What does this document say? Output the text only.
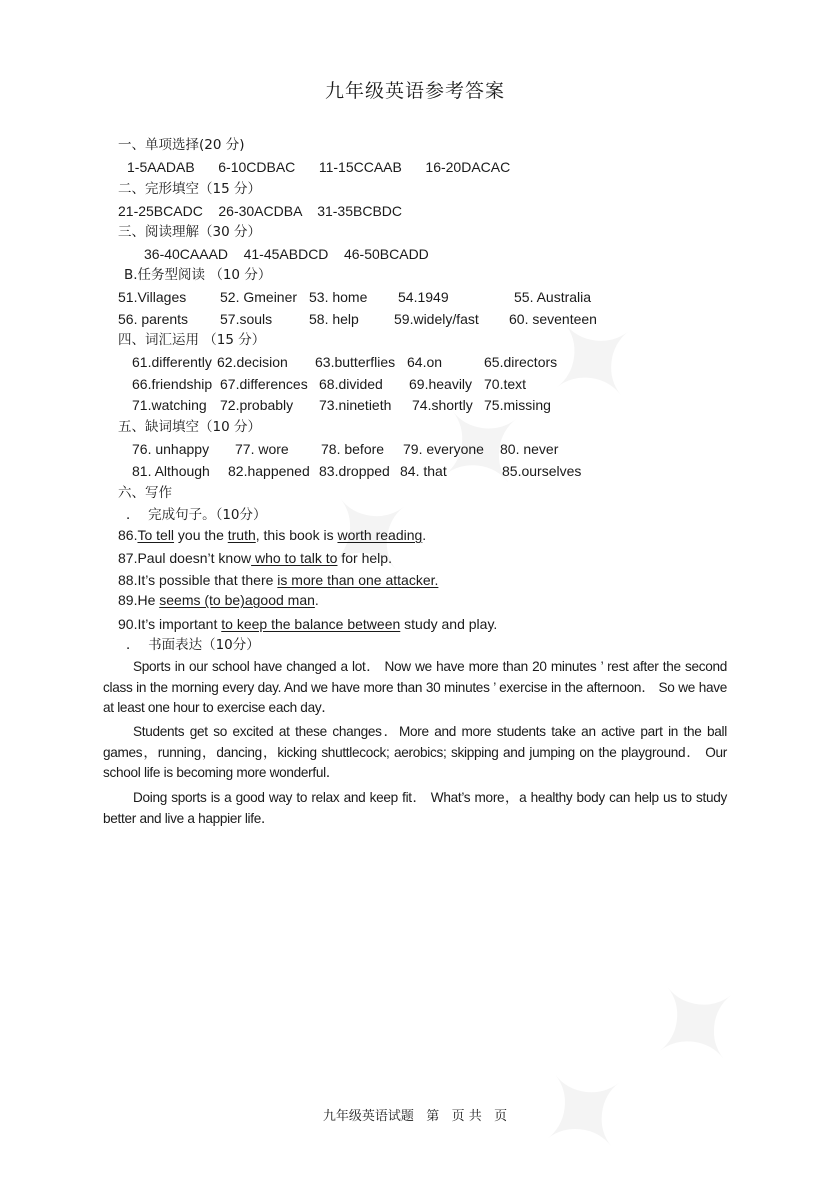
九年级英语参考答案
一、单项选择(20 分)
1-5AADAB    6-10CDBAC    11-15CCAAB    16-20DACAC
二、完形填空（15 分）
21-25BCADC    26-30ACDBA    31-35BCBDC
三、阅读理解（30 分）
36-40CAAAD    41-45ABDCD    46-50BCADD
B.任务型阅读 （10 分）
51.Villages 52. Gmeiner 53. home 54.1949	55. Australia
56. parents 57.souls	58. help	59.widely/fast 60. seventeen
四、词汇运用 （15 分）
61.differently 62.decision 63.butterflies 64.on	65.directors
66.friendship 67.differences 68.divided 69.heavily 70.text
71.watching 72.probably 73.ninetieth 74.shortly 75.missing
五、缺词填空（10 分）
76. unhappy 77. wore 78. before 79. everyone 80. never
81. Although 82.happened 83.dropped 84. that	85.ourselves
六、写作
．  完成句子。（10分）
86.To tell you the truth, this book is worth reading.
87.Paul doesn’t know who to talk to for help.
88.It’s possible that there is more than one attacker.
89.He seems (to be)agood man.
90.It’s important to keep the balance between study and play.
．  书面表达（10分）
Sports in our school have changed a lot． Now we have more than 20 minutes ’ rest after the second class in the morning every day. And we have more than 30 minutes ’ exercise in the afternoon． So we have at least one hour to exercise each day．
Students get so excited at these changes．More and more students take an active part in the ball games，running，dancing，kicking shuttlecock; aerobics; skipping and jumping on the playground． Our school life is becoming more wonderful．
Doing sports is a good way to relax and keep fit． What’s more，a healthy body can help us to study better and live a happier life．
九年级英语试题   第   页 共   页
